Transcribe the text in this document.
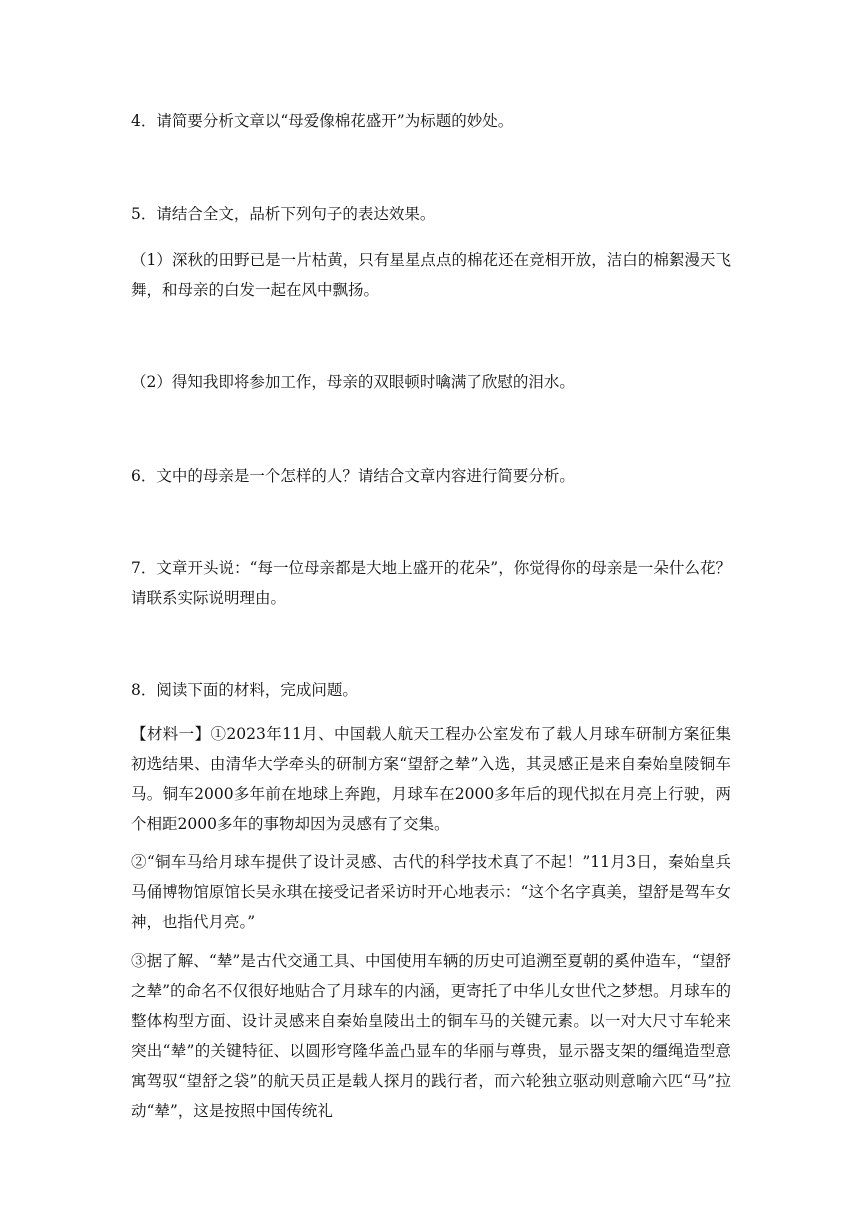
4．请简要分析文章以“母爱像棉花盛开”为标题的妙处。
5．请结合全文，品析下列句子的表达效果。
（1）深秋的田野已是一片枯黄，只有星星点点的棉花还在竞相开放，洁白的棉絮漫天飞舞，和母亲的白发一起在风中飘扬。
（2）得知我即将参加工作，母亲的双眼顿时噙满了欣慰的泪水。
6．文中的母亲是一个怎样的人？请结合文章内容进行简要分析。
7．文章开头说：“每一位母亲都是大地上盛开的花朵”，你觉得你的母亲是一朵什么花？请联系实际说明理由。
8．阅读下面的材料，完成问题。
【材料一】①2023年11月、中国载人航天工程办公室发布了载人月球车研制方案征集初选结果、由清华大学牵头的研制方案“望舒之辇”入选，其灵感正是来自秦始皇陵铜车马。铜车2000多年前在地球上奔跑，月球车在2000多年后的现代拟在月亮上行驶，两个相距2000多年的事物却因为灵感有了交集。
②“铜车马给月球车提供了设计灵感、古代的科学技术真了不起！”11月3日，秦始皇兵马俑博物馆原馆长吴永琪在接受记者采访时开心地表示：“这个名字真美，望舒是驾车女神，也指代月亮。”
③据了解、“辇”是古代交通工具、中国使用车辆的历史可追溯至夏朝的奚仲造车，“望舒之辇”的命名不仅很好地贴合了月球车的内涵，更寄托了中华儿女世代之梦想。月球车的整体构型方面、设计灵感来自秦始皇陵出土的铜车马的关键元素。以一对大尺寸车轮来突出“辇”的关键特征、以圆形穹隆华盖凸显车的华丽与尊贵，显示器支架的缰绳造型意寓驾驭“望舒之袋”的航天员正是载人探月的践行者，而六轮独立驱动则意喻六匹“马”拉动“辇”，这是按照中国传统礼
